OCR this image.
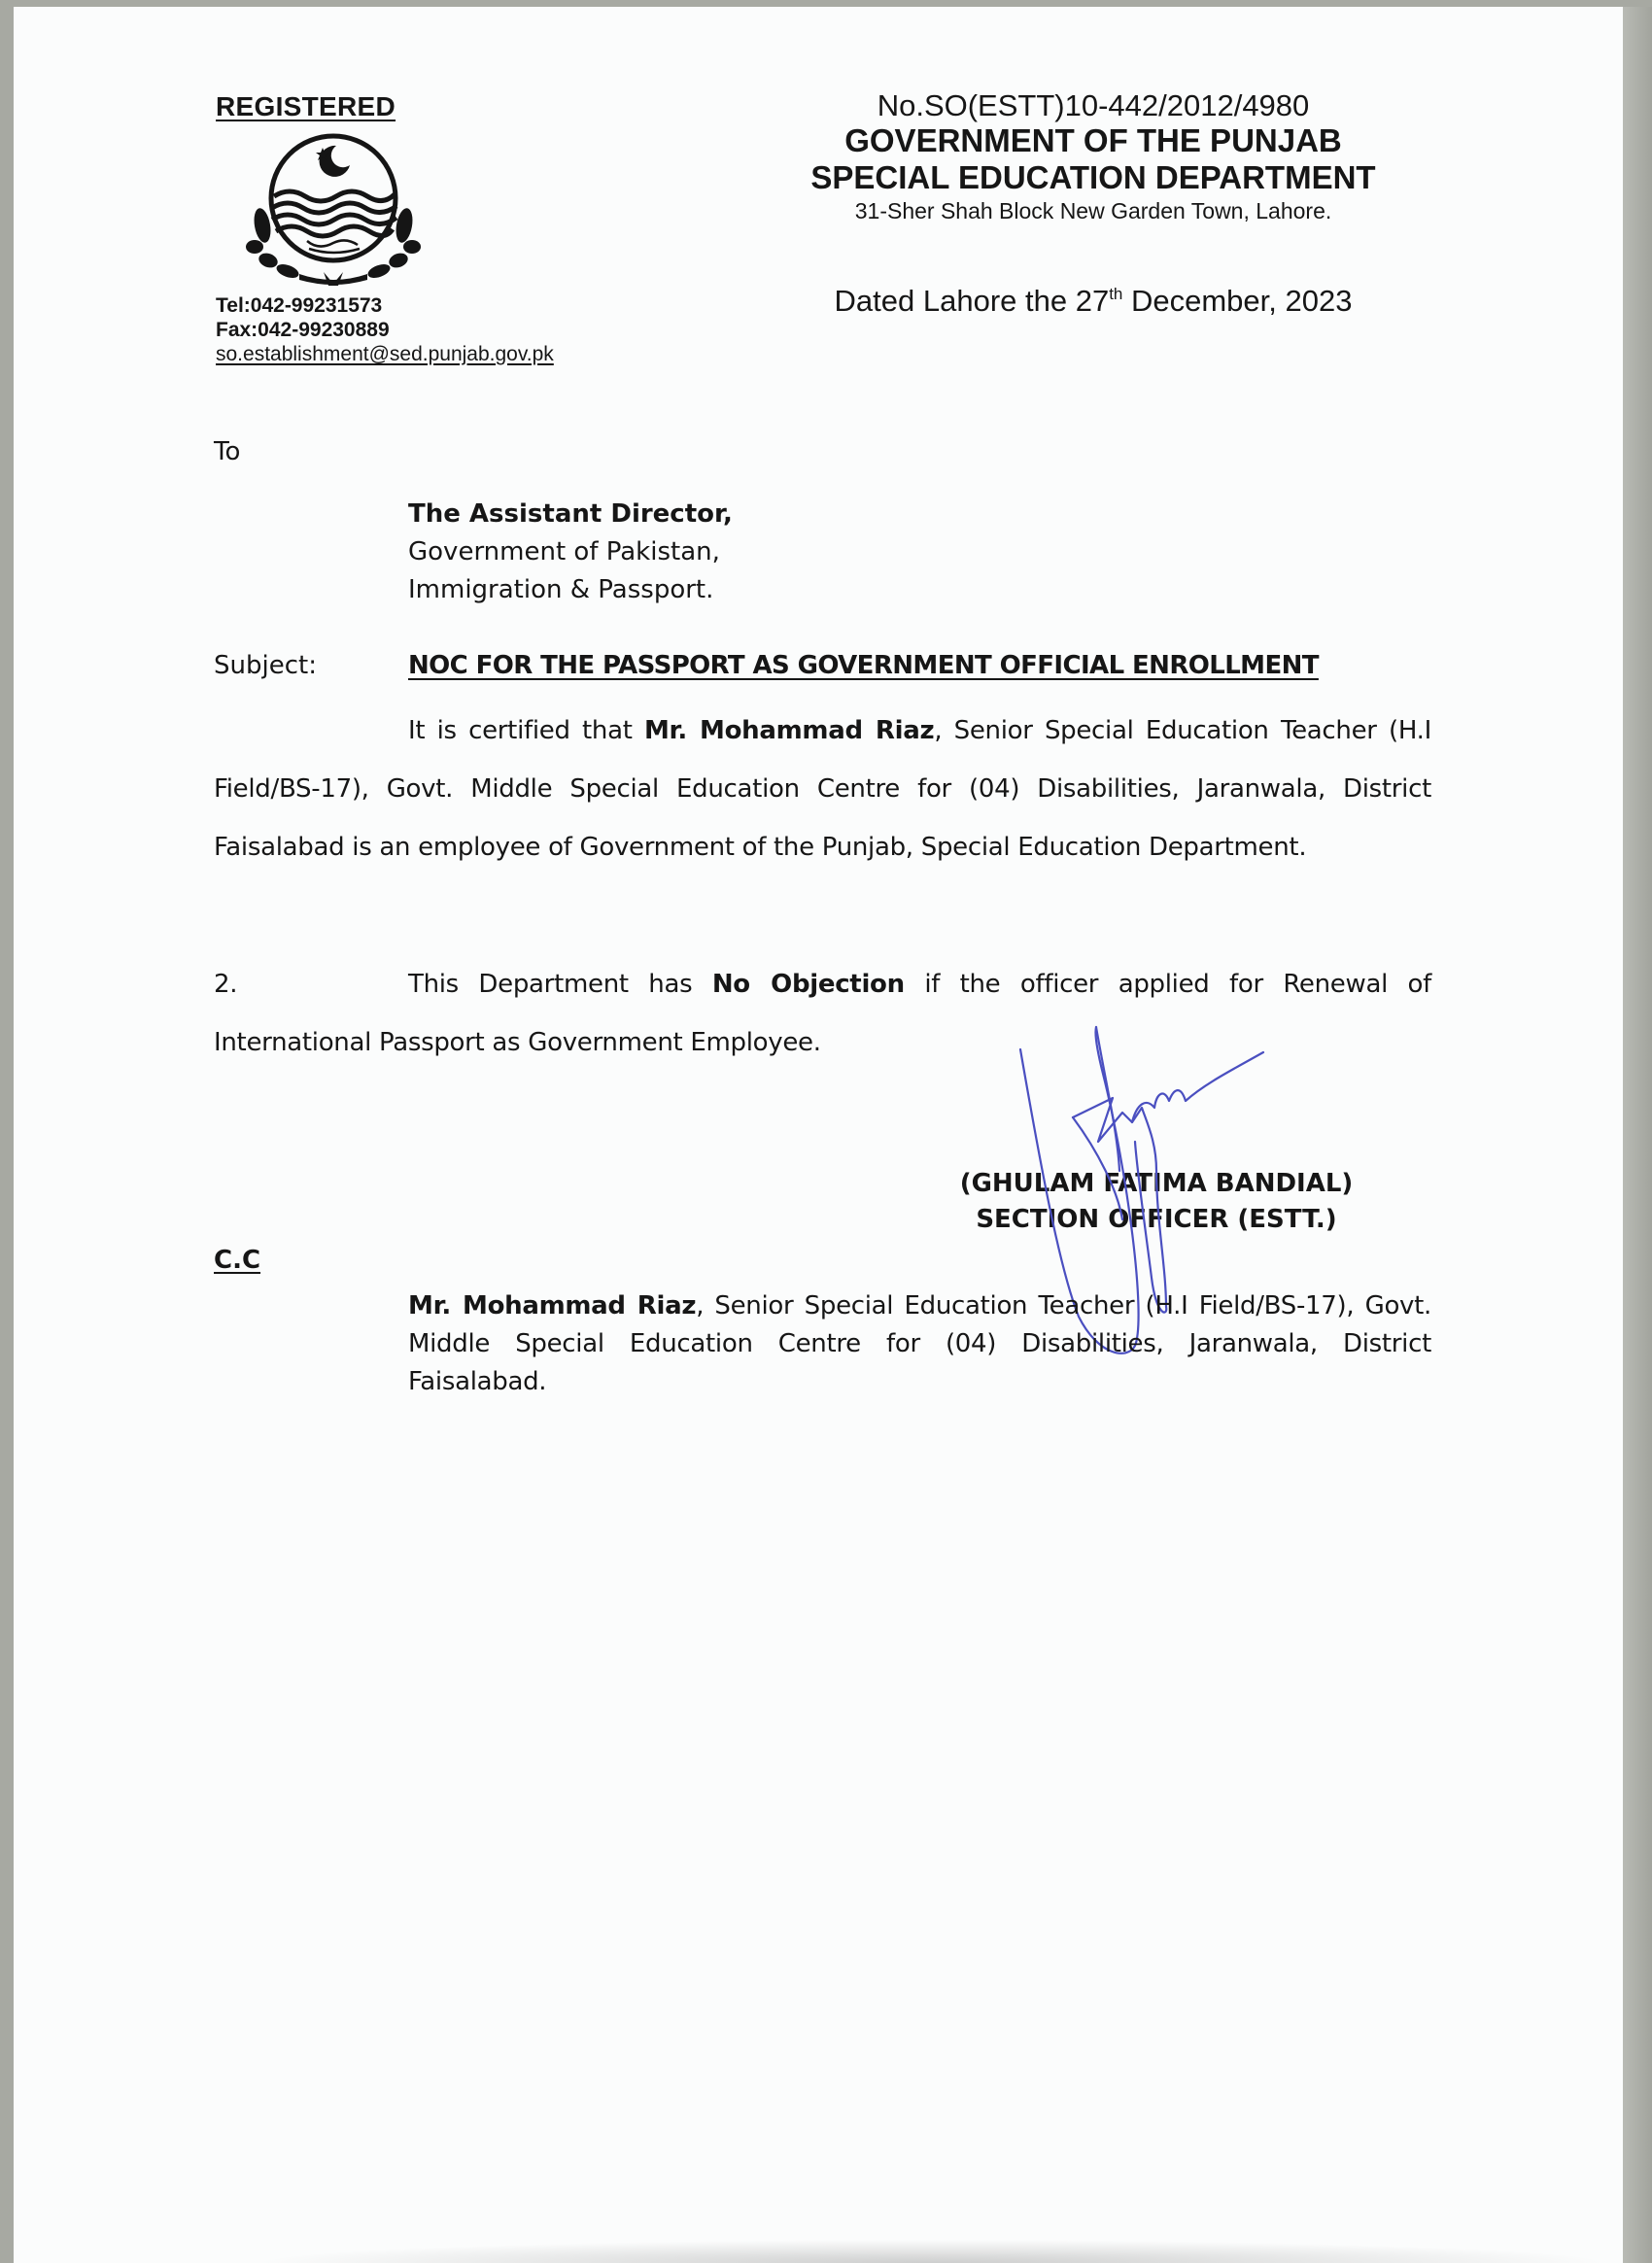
REGISTERED
Tel:042-99231573
Fax:042-99230889
so.establishment@sed.punjab.gov.pk
No.SO(ESTT)10-442/2012/4980
GOVERNMENT OF THE PUNJAB
SPECIAL EDUCATION DEPARTMENT
31-Sher Shah Block New Garden Town, Lahore.
Dated Lahore the 27th December, 2023
To
The Assistant Director,
Government of Pakistan,
Immigration & Passport.
Subject:	NOC FOR THE PASSPORT AS GOVERNMENT OFFICIAL ENROLLMENT
It is certified that Mr. Mohammad Riaz, Senior Special Education Teacher (H.I Field/BS-17), Govt. Middle Special Education Centre for (04) Disabilities, Jaranwala, District Faisalabad is an employee of Government of the Punjab, Special Education Department.
2.	This Department has No Objection if the officer applied for Renewal of International Passport as Government Employee.
(GHULAM FATIMA BANDIAL)
SECTION OFFICER (ESTT.)
C.C
Mr. Mohammad Riaz, Senior Special Education Teacher (H.I Field/BS-17), Govt. Middle Special Education Centre for (04) Disabilities, Jaranwala, District Faisalabad.
